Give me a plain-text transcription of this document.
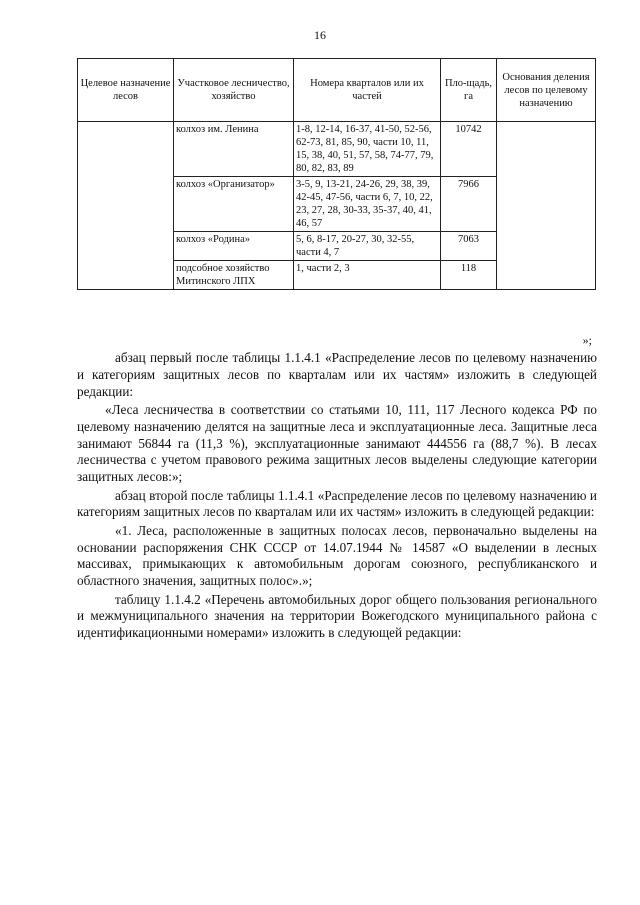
16
Целевое назначение лесов	Участковое лесничество, хозяйство	Номера кварталов или их частей	Пло-щадь, га	Основания деления лесов по целевому назначению
	колхоз им. Ленина	1-8, 12-14, 16-37, 41-50, 52-56, 62-73, 81, 85, 90, части 10, 11, 15, 38, 40, 51, 57, 58, 74-77, 79, 80, 82, 83, 89	10742	
	колхоз «Организатор»	3-5, 9, 13-21, 24-26, 29, 38, 39, 42-45, 47-56, части 6, 7, 10, 22, 23, 27, 28, 30-33, 35-37, 40, 41, 46, 57	7966	
	колхоз «Родина»	5, 6, 8-17, 20-27, 30, 32-55, части 4, 7	7063	
	подсобное хозяйство Митинского ЛПХ	1, части 2, 3	118	
»;

абзац первый после таблицы 1.1.4.1 «Распределение лесов по целевому назначению и категориям защитных лесов по кварталам или их частям» изложить в следующей редакции:

«Леса лесничества в соответствии со статьями 10, 111, 117 Лесного кодекса РФ по целевому назначению делятся на защитные леса и эксплуатационные леса. Защитные леса занимают 56844 га (11,3 %), эксплуатационные занимают 444556 га (88,7 %). В лесах лесничества с учетом правового режима защитных лесов выделены следующие категории защитных лесов:»;

абзац второй после таблицы 1.1.4.1 «Распределение лесов по целевому назначению и категориям защитных лесов по кварталам или их частям» изложить в следующей редакции:

«1. Леса, расположенные в защитных полосах лесов, первоначально выделены на основании распоряжения СНК СССР от 14.07.1944 № 14587 «О выделении в лесных массивах, примыкающих к автомобильным дорогам союзного, республиканского и областного значения, защитных полос».»;

таблицу 1.1.4.2 «Перечень автомобильных дорог общего пользования регионального и межмуниципального значения на территории Вожегодского муниципального района с идентификационными номерами» изложить в следующей редакции:
